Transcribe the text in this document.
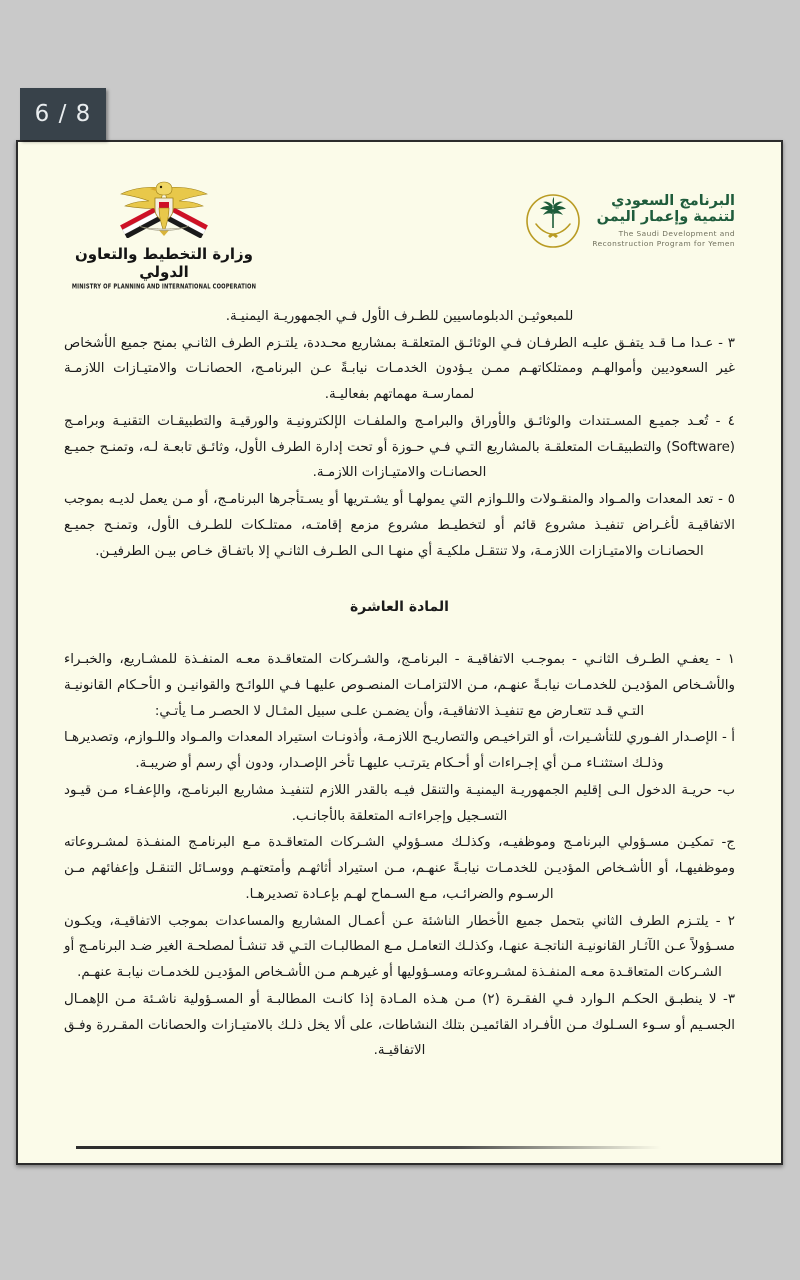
6 / 8
وزارة التخطيط والتعاون الدولي
MINISTRY OF PLANNING AND INTERNATIONAL COOPERATION
البرنامج السعودي
لتنمية وإعمار اليمن
The Saudi Development and
Reconstruction Program for Yemen

للمبعوثيـن الدبلوماسيين للطـرف الأول فـي الجمهوريـة اليمنيـة.

٣ - عـدا مـا قـد يتفـق عليـه الطرفـان فـي الوثائـق المتعلقـة بمشاريع محـددة، يلتـزم الطرف الثانـي بمنح جميع الأشخاص غير السعوديين وأموالهـم وممتلكاتهـم ممـن يـؤدون الخدمـات نيابـةً عـن البرنامـج، الحصانـات والامتيـازات اللازمـة لممارسـة مهماتهم بفعاليـة.

٤ - تُعـد جميـع المسـتندات والوثائـق والأوراق والبرامـج والملفـات الإلكترونيـة والورقيـة والتطبيقـات التقنيـة وبرامـج (Software) والتطبيقـات المتعلقـة بالمشاريع التـي فـي حـوزة أو تحت إدارة الطرف الأول، وثائـق تابعـة لـه، وتمنـح جميـع الحصانـات والامتيـازات اللازمـة.

٥ - تعد المعدات والمـواد والمنقـولات واللـوازم التي يمولهـا أو يشـتريها أو يسـتأجرها البرنامـج، أو مـن يعمل لديـه بموجب الاتفاقيـة لأغـراض تنفيـذ مشروع قائم أو لتخطيـط مشروع مزمع إقامتـه، ممتلـكات للطـرف الأول، وتمنـح جميـع الحصانـات والامتيـازات اللازمـة، ولا تنتقـل ملكيـة أي منهـا الـى الطـرف الثانـي إلا باتفـاق خـاص بيـن الطرفيـن.

المادة العاشرة

١ - يعفـي الطـرف الثانـي - بموجـب الاتفاقيـة - البرنامـج، والشـركات المتعاقـدة معـه المنفـذة للمشـاريع، والخبـراء والأشـخاص المؤديـن للخدمـات نيابـةً عنهـم، مـن الالتزامـات المنصـوص عليهـا فـي اللوائـح والقوانيـن و الأحـكام القانونيـة التـي قـد تتعـارض مع تنفيـذ الاتفاقيـة، وأن يضمـن علـى سبيل المثـال لا الحصـر مـا يأتـي:

أ - الإصـدار الفـوري للتأشـيرات، أو التراخيـص والتصاريـح اللازمـة، وأذونـات استيراد المعدات والمـواد واللـوازم، وتصديرهـا وذلـك استثنـاء مـن أي إجـراءات أو أحـكام يترتـب عليهـا تأخر الإصـدار، ودون أي رسم أو ضريبـة.

ب- حريـة الدخول الـى إقليم الجمهوريـة اليمنيـة والتنقل فيـه بالقدر اللازم لتنفيـذ مشاريع البرنامـج، والإعفـاء مـن قيـود التسـجيل وإجراءاتـه المتعلقة بالأجانـب.

ج- تمكيـن مسـؤولي البرنامـج وموظفيـه، وكذلـك مسـؤولي الشـركات المتعاقـدة مـع البرنامـج المنفـذة لمشـروعاته وموظفيهـا، أو الأشـخاص المؤديـن للخدمـات نيابـةً عنهـم، مـن استيراد أثاثهـم وأمتعتهـم ووسـائل التنقـل وإعفائهم مـن الرسـوم والضرائـب، مـع السـماح لهـم بإعـادة تصديرهـا.

٢ - يلتـزم الطرف الثاني بتحمل جميع الأخطار الناشئة عـن أعمـال المشاريع والمساعدات بموجب الاتفاقيـة، ويكـون مسـؤولاً عـن الآثـار القانونيـة الناتجـة عنهـا، وكذلـك التعامـل مـع المطالبـات التـي قد تنشـأ لمصلحـة الغير ضـد البرنامـج أو الشـركات المتعاقـدة معـه المنفـذة لمشـروعاته ومسـؤوليها أو غيرهـم مـن الأشـخاص المؤديـن للخدمـات نيابـة عنهـم.

٣- لا ينطبـق الحكـم الـوارد فـي الفقـرة (٢) مـن هـذه المـادة إذا كانـت المطالبـة أو المسـؤولية ناشـئة مـن الإهمـال الجسـيم أو سـوء السـلوك مـن الأفـراد القائميـن بتلك النشاطات، على ألا يخل ذلـك بالامتيـازات والحصانات المقـررة وفـق الاتفاقيـة.
